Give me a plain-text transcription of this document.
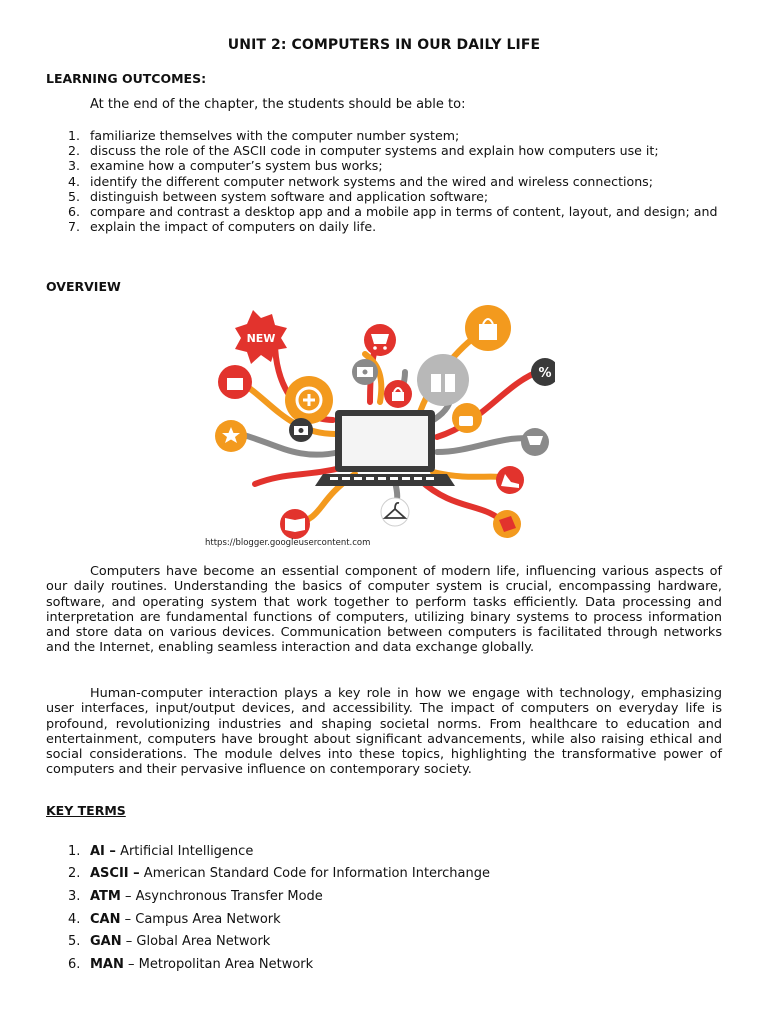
UNIT 2: COMPUTERS IN OUR DAILY LIFE
LEARNING OUTCOMES:
At the end of the chapter, the students should be able to:
1. familiarize themselves with the computer number system;
2. discuss the role of the ASCII code in computer systems and explain how computers use it;
3. examine how a computer’s system bus works;
4. identify the different computer network systems and the wired and wireless connections;
5. distinguish between system software and application software;
6. compare and contrast a desktop app and a mobile app in terms of content, layout, and design; and
7. explain the impact of computers on daily life.
OVERVIEW
NEW
%
https://blogger.googleusercontent.com
Computers have become an essential component of modern life, influencing various aspects of our daily routines. Understanding the basics of computer system is crucial, encompassing hardware, software, and operating system that work together to perform tasks efficiently. Data processing and interpretation are fundamental functions of computers, utilizing binary systems to process information and store data on various devices. Communication between computers is facilitated through networks and the Internet, enabling seamless interaction and data exchange globally.
Human-computer interaction plays a key role in how we engage with technology, emphasizing user interfaces, input/output devices, and accessibility. The impact of computers on everyday life is profound, revolutionizing industries and shaping societal norms. From healthcare to education and entertainment, computers have brought about significant advancements, while also raising ethical and social considerations. The module delves into these topics, highlighting the transformative power of computers and their pervasive influence on contemporary society.
KEY TERMS
1. AI – Artificial Intelligence
2. ASCII – American Standard Code for Information Interchange
3. ATM – Asynchronous Transfer Mode
4. CAN – Campus Area Network
5. GAN – Global Area Network
6. MAN – Metropolitan Area Network
